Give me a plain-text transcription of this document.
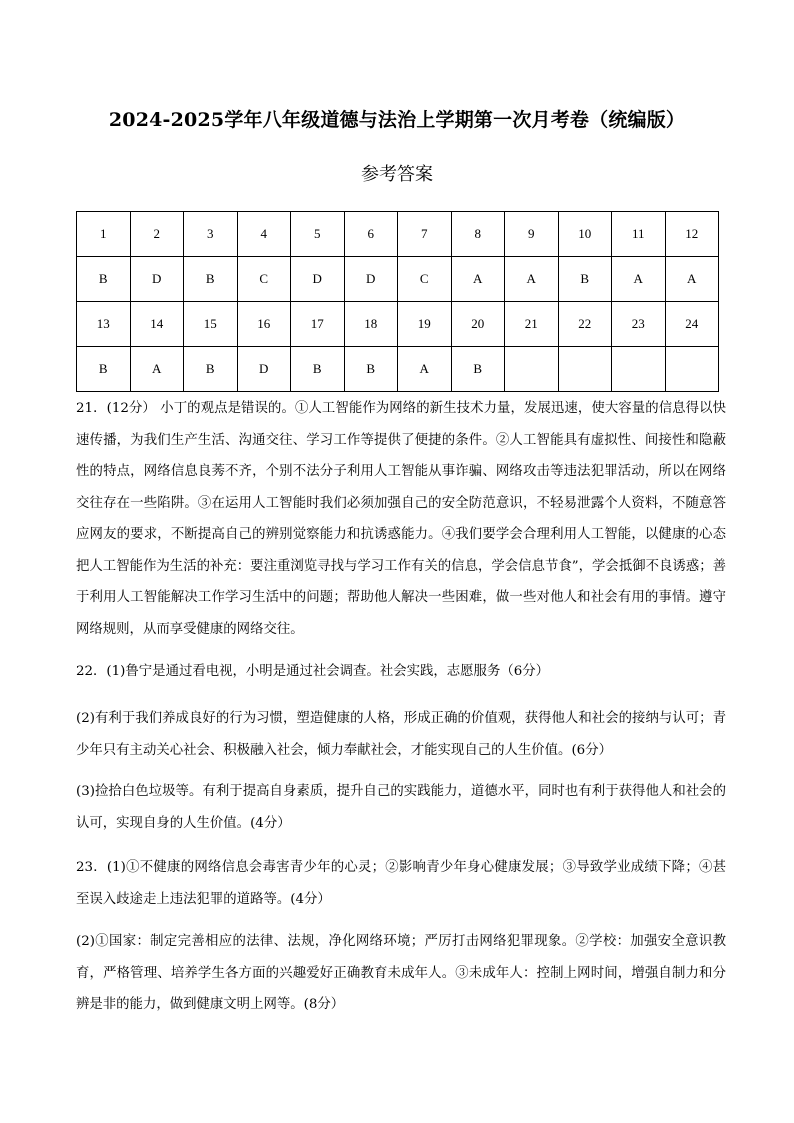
2024-2025学年八年级道德与法治上学期第一次月考卷（统编版）
参考答案
1	2	3	4	5	6	7	8	9	10	11	12
B	D	B	C	D	D	C	A	A	B	A	A
13	14	15	16	17	18	19	20	21	22	23	24
B	A	B	D	B	B	A	B				
21．(12分） 小丁的观点是错误的。①人工智能作为网络的新生技术力量，发展迅速，使大容量的信息得以快速传播，为我们生产生活、沟通交往、学习工作等提供了便捷的条件。②人工智能具有虚拟性、间接性和隐蔽性的特点，网络信息良莠不齐，个别不法分子利用人工智能从事诈骗、网络攻击等违法犯罪活动，所以在网络交往存在一些陷阱。③在运用人工智能时我们必须加强自己的安全防范意识，不轻易泄露个人资料，不随意答应网友的要求，不断提高自己的辨别觉察能力和抗诱惑能力。④我们要学会合理利用人工智能，以健康的心态把人工智能作为生活的补充：要注重浏览寻找与学习工作有关的信息，学会信息节食”，学会抵御不良诱惑；善于利用人工智能解决工作学习生活中的问题；帮助他人解决一些困难，做一些对他人和社会有用的事情。遵守网络规则，从而享受健康的网络交往。
22．(1)鲁宁是通过看电视，小明是通过社会调查。社会实践，志愿服务（6分）
(2)有利于我们养成良好的行为习惯，塑造健康的人格，形成正确的价值观，获得他人和社会的接纳与认可；青少年只有主动关心社会、积极融入社会，倾力奉献社会，才能实现自己的人生价值。(6分）
(3)捡拾白色垃圾等。有利于提高自身素质，提升自己的实践能力，道德水平，同时也有利于获得他人和社会的认可，实现自身的人生价值。(4分）
23．(1)①不健康的网络信息会毒害青少年的心灵；②影响青少年身心健康发展；③导致学业成绩下降；④甚至误入歧途走上违法犯罪的道路等。(4分）
(2)①国家：制定完善相应的法律、法规，净化网络环境；严厉打击网络犯罪现象。②学校：加强安全意识教育，严格管理、培养学生各方面的兴趣爱好正确教育未成年人。③未成年人：控制上网时间，增强自制力和分辨是非的能力，做到健康文明上网等。(8分）
